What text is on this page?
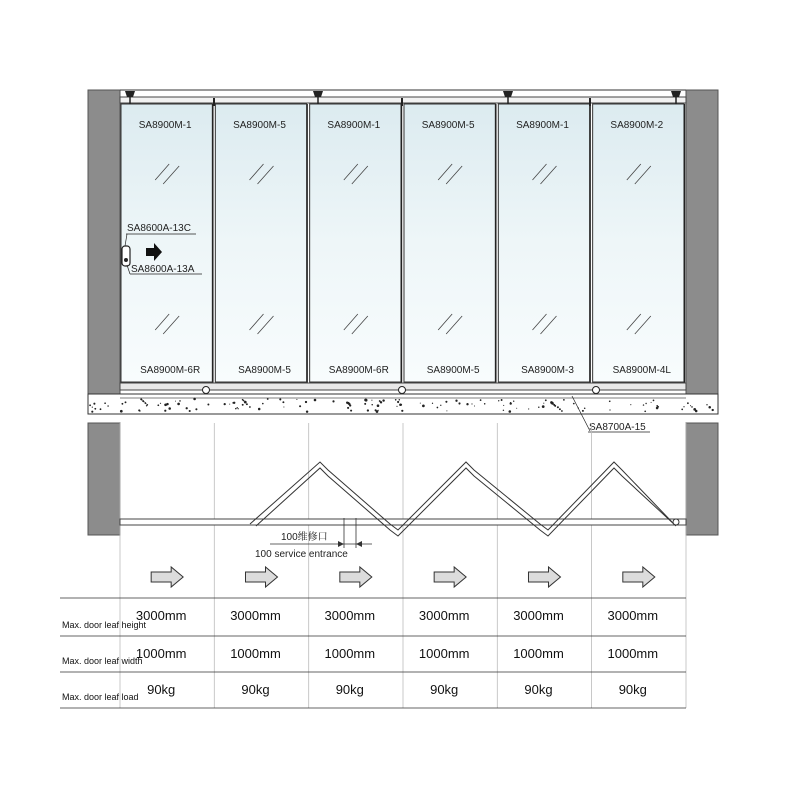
SA8900M-1
SA8900M-6R
SA8900M-5
SA8900M-5
SA8900M-1
SA8900M-6R
SA8900M-5
SA8900M-5
SA8900M-1
SA8900M-3
SA8900M-2
SA8900M-4L
SA8600A-13C
SA8600A-13A
SA8700A-15
100维修口
100 service entrance
Max. door leaf height
3000mm	3000mm	3000mm	3000mm	3000mm	3000mm
Max. door leaf width
1000mm	1000mm	1000mm	1000mm	1000mm	1000mm
Max. door leaf load 90kg	90kg	90kg	90kg	90kg	90kg
